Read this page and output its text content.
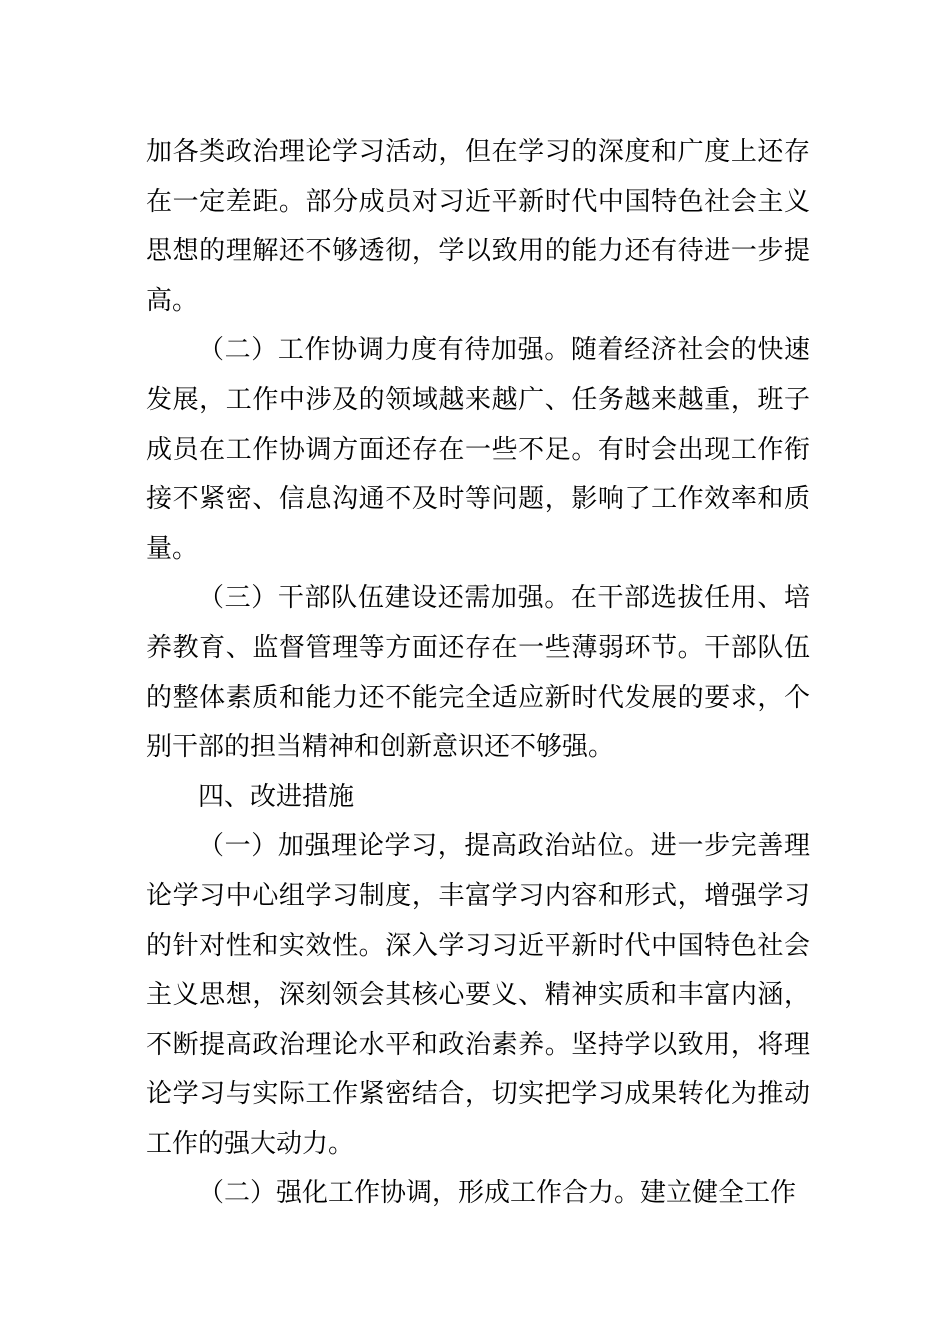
加各类政治理论学习活动，但在学习的深度和广度上还存在一定差距。部分成员对习近平新时代中国特色社会主义思想的理解还不够透彻，学以致用的能力还有待进一步提高。

（二）工作协调力度有待加强。随着经济社会的快速发展，工作中涉及的领域越来越广、任务越来越重，班子成员在工作协调方面还存在一些不足。有时会出现工作衔接不紧密、信息沟通不及时等问题，影响了工作效率和质量。

（三）干部队伍建设还需加强。在干部选拔任用、培养教育、监督管理等方面还存在一些薄弱环节。干部队伍的整体素质和能力还不能完全适应新时代发展的要求，个别干部的担当精神和创新意识还不够强。

四、改进措施

（一）加强理论学习，提高政治站位。进一步完善理论学习中心组学习制度，丰富学习内容和形式，增强学习的针对性和实效性。深入学习习近平新时代中国特色社会主义思想，深刻领会其核心要义、精神实质和丰富内涵，不断提高政治理论水平和政治素养。坚持学以致用，将理论学习与实际工作紧密结合，切实把学习成果转化为推动工作的强大动力。

（二）强化工作协调，形成工作合力。建立健全工作
